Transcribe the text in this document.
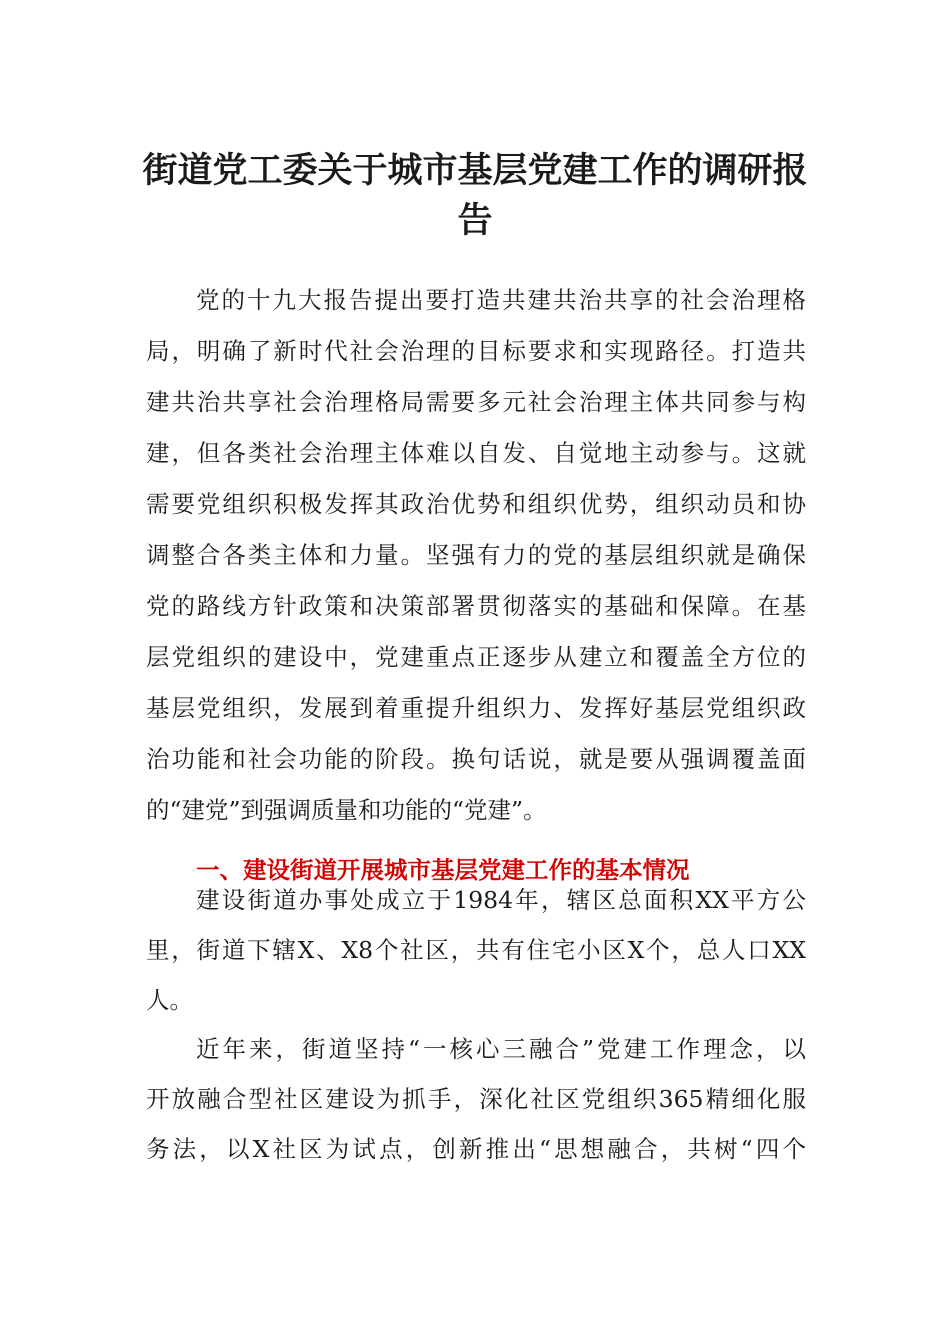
街道党工委关于城市基层党建工作的调研报
告
党的十九大报告提出要打造共建共治共享的社会治理格
局，明确了新时代社会治理的目标要求和实现路径。打造共
建共治共享社会治理格局需要多元社会治理主体共同参与构
建，但各类社会治理主体难以自发、自觉地主动参与。这就
需要党组织积极发挥其政治优势和组织优势，组织动员和协
调整合各类主体和力量。坚强有力的党的基层组织就是确保
党的路线方针政策和决策部署贯彻落实的基础和保障。在基
层党组织的建设中，党建重点正逐步从建立和覆盖全方位的
基层党组织，发展到着重提升组织力、发挥好基层党组织政
治功能和社会功能的阶段。换句话说，就是要从强调覆盖面
的“建党”到强调质量和功能的“党建”。
一、建设街道开展城市基层党建工作的基本情况
建设街道办事处成立于1984年，辖区总面积XX平方公
里，街道下辖X、X8个社区，共有住宅小区X个，总人口XX
人。
近年来，街道坚持“一核心三融合”党建工作理念，以
开放融合型社区建设为抓手，深化社区党组织365精细化服
务法，以X社区为试点，创新推出“思想融合，共树“四个
